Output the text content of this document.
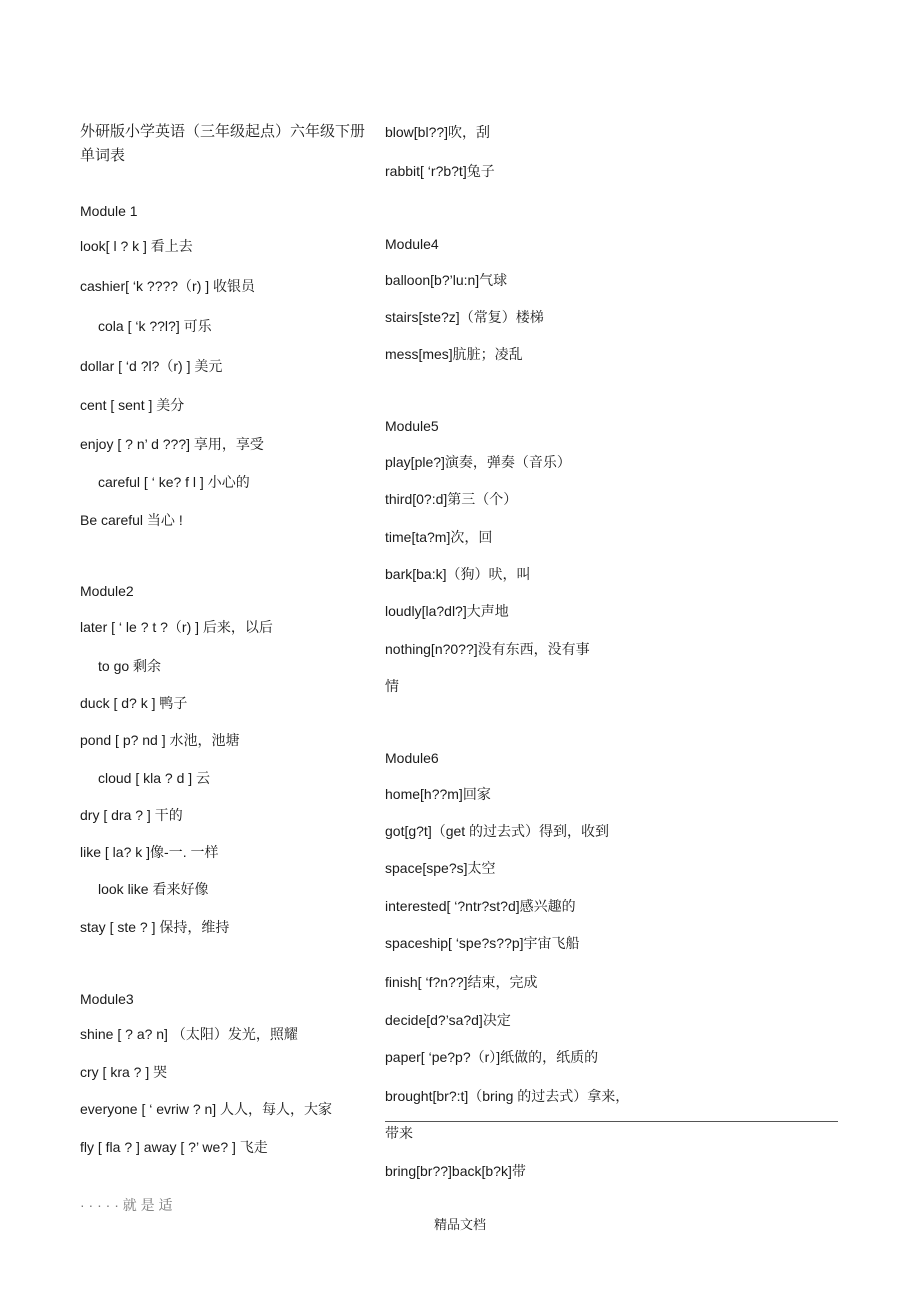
外研版小学英语（三年级起点）六年级下册单词表
Module 1
look[ l ? k ] 看上去
cashier[ ‘k ????（r) ] 收银员
cola [ ‘k ??l?] 可乐
dollar [ ‘d ?l?（r) ] 美元
cent [ sent ] 美分
enjoy [ ? n’ d ???] 享用，享受
careful [ ‘ ke? f l ] 小心的
Be careful 当心 !
Module2
later [ ‘ le ? t ?（r) ] 后来，以后
to go 剩余
duck [ d? k ] 鸭子
pond [ p? nd ] 水池，池塘
cloud [ kla ? d ] 云
dry [ dra ? ] 干的
like [ la? k ]像-一. 一样
look like 看来好像
stay [ ste ? ] 保持，维持
Module3
shine [ ? a? n] （太阳）发光，照耀
cry [ kra ? ] 哭
everyone [ ‘ evriw ? n] 人人，每人，大家
fly [ fla ? ] away [ ?’ we? ] 飞走
· · · · · 就 是 适
blow[bl??]吹，刮
rabbit[ ‘r?b?t]兔子
Module4
balloon[b?’lu:n]气球
stairs[ste?z]（常复）楼梯
mess[mes]肮脏；凌乱
Module5
play[ple?]演奏，弹奏（音乐）
third[0?:d]第三（个）
time[ta?m]次，回
bark[ba:k]（狗）吠，叫
loudly[la?dl?]大声地
nothing[n?0??]没有东西，没有事
情
Module6
home[h??m]回家
got[g?t]（get 的过去式）得到，收到
space[spe?s]太空
interested[ ‘?ntr?st?d]感兴趣的
spaceship[ ‘spe?s??p]宇宙飞船
finish[ ‘f?n??]结束，完成
decide[d?’sa?d]决定
paper[ ‘pe?p?（r）]纸做的，纸质的
brought[br?:t]（bring 的过去式）拿来，
带来
bring[br??]back[b?k]带
精品文档
